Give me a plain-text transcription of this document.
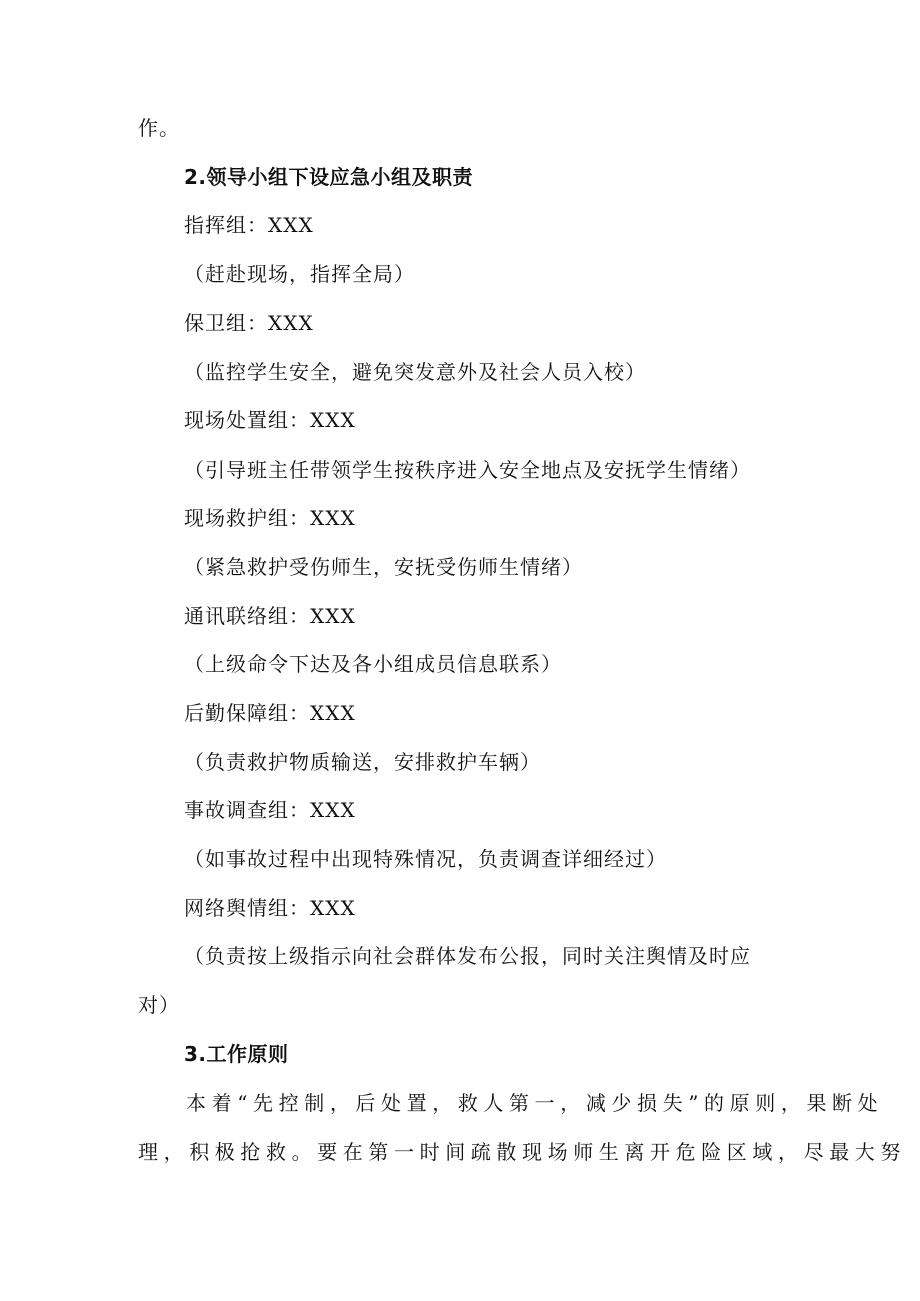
作。
2.领导小组下设应急小组及职责
指挥组：XXX
（赶赴现场，指挥全局）
保卫组：XXX
（监控学生安全，避免突发意外及社会人员入校）
现场处置组：XXX
（引导班主任带领学生按秩序进入安全地点及安抚学生情绪）
现场救护组：XXX
（紧急救护受伤师生，安抚受伤师生情绪）
通讯联络组：XXX
（上级命令下达及各小组成员信息联系）
后勤保障组：XXX
（负责救护物质输送，安排救护车辆）
事故调查组：XXX
（如事故过程中出现特殊情况，负责调查详细经过）
网络舆情组：XXX
（负责按上级指示向社会群体发布公报，同时关注舆情及时应
对）
3.工作原则
本着“先控制，后处置，救人第一，减少损失”的原则，果断处
理，积极抢救。要在第一时间疏散现场师生离开危险区域，尽最大努
